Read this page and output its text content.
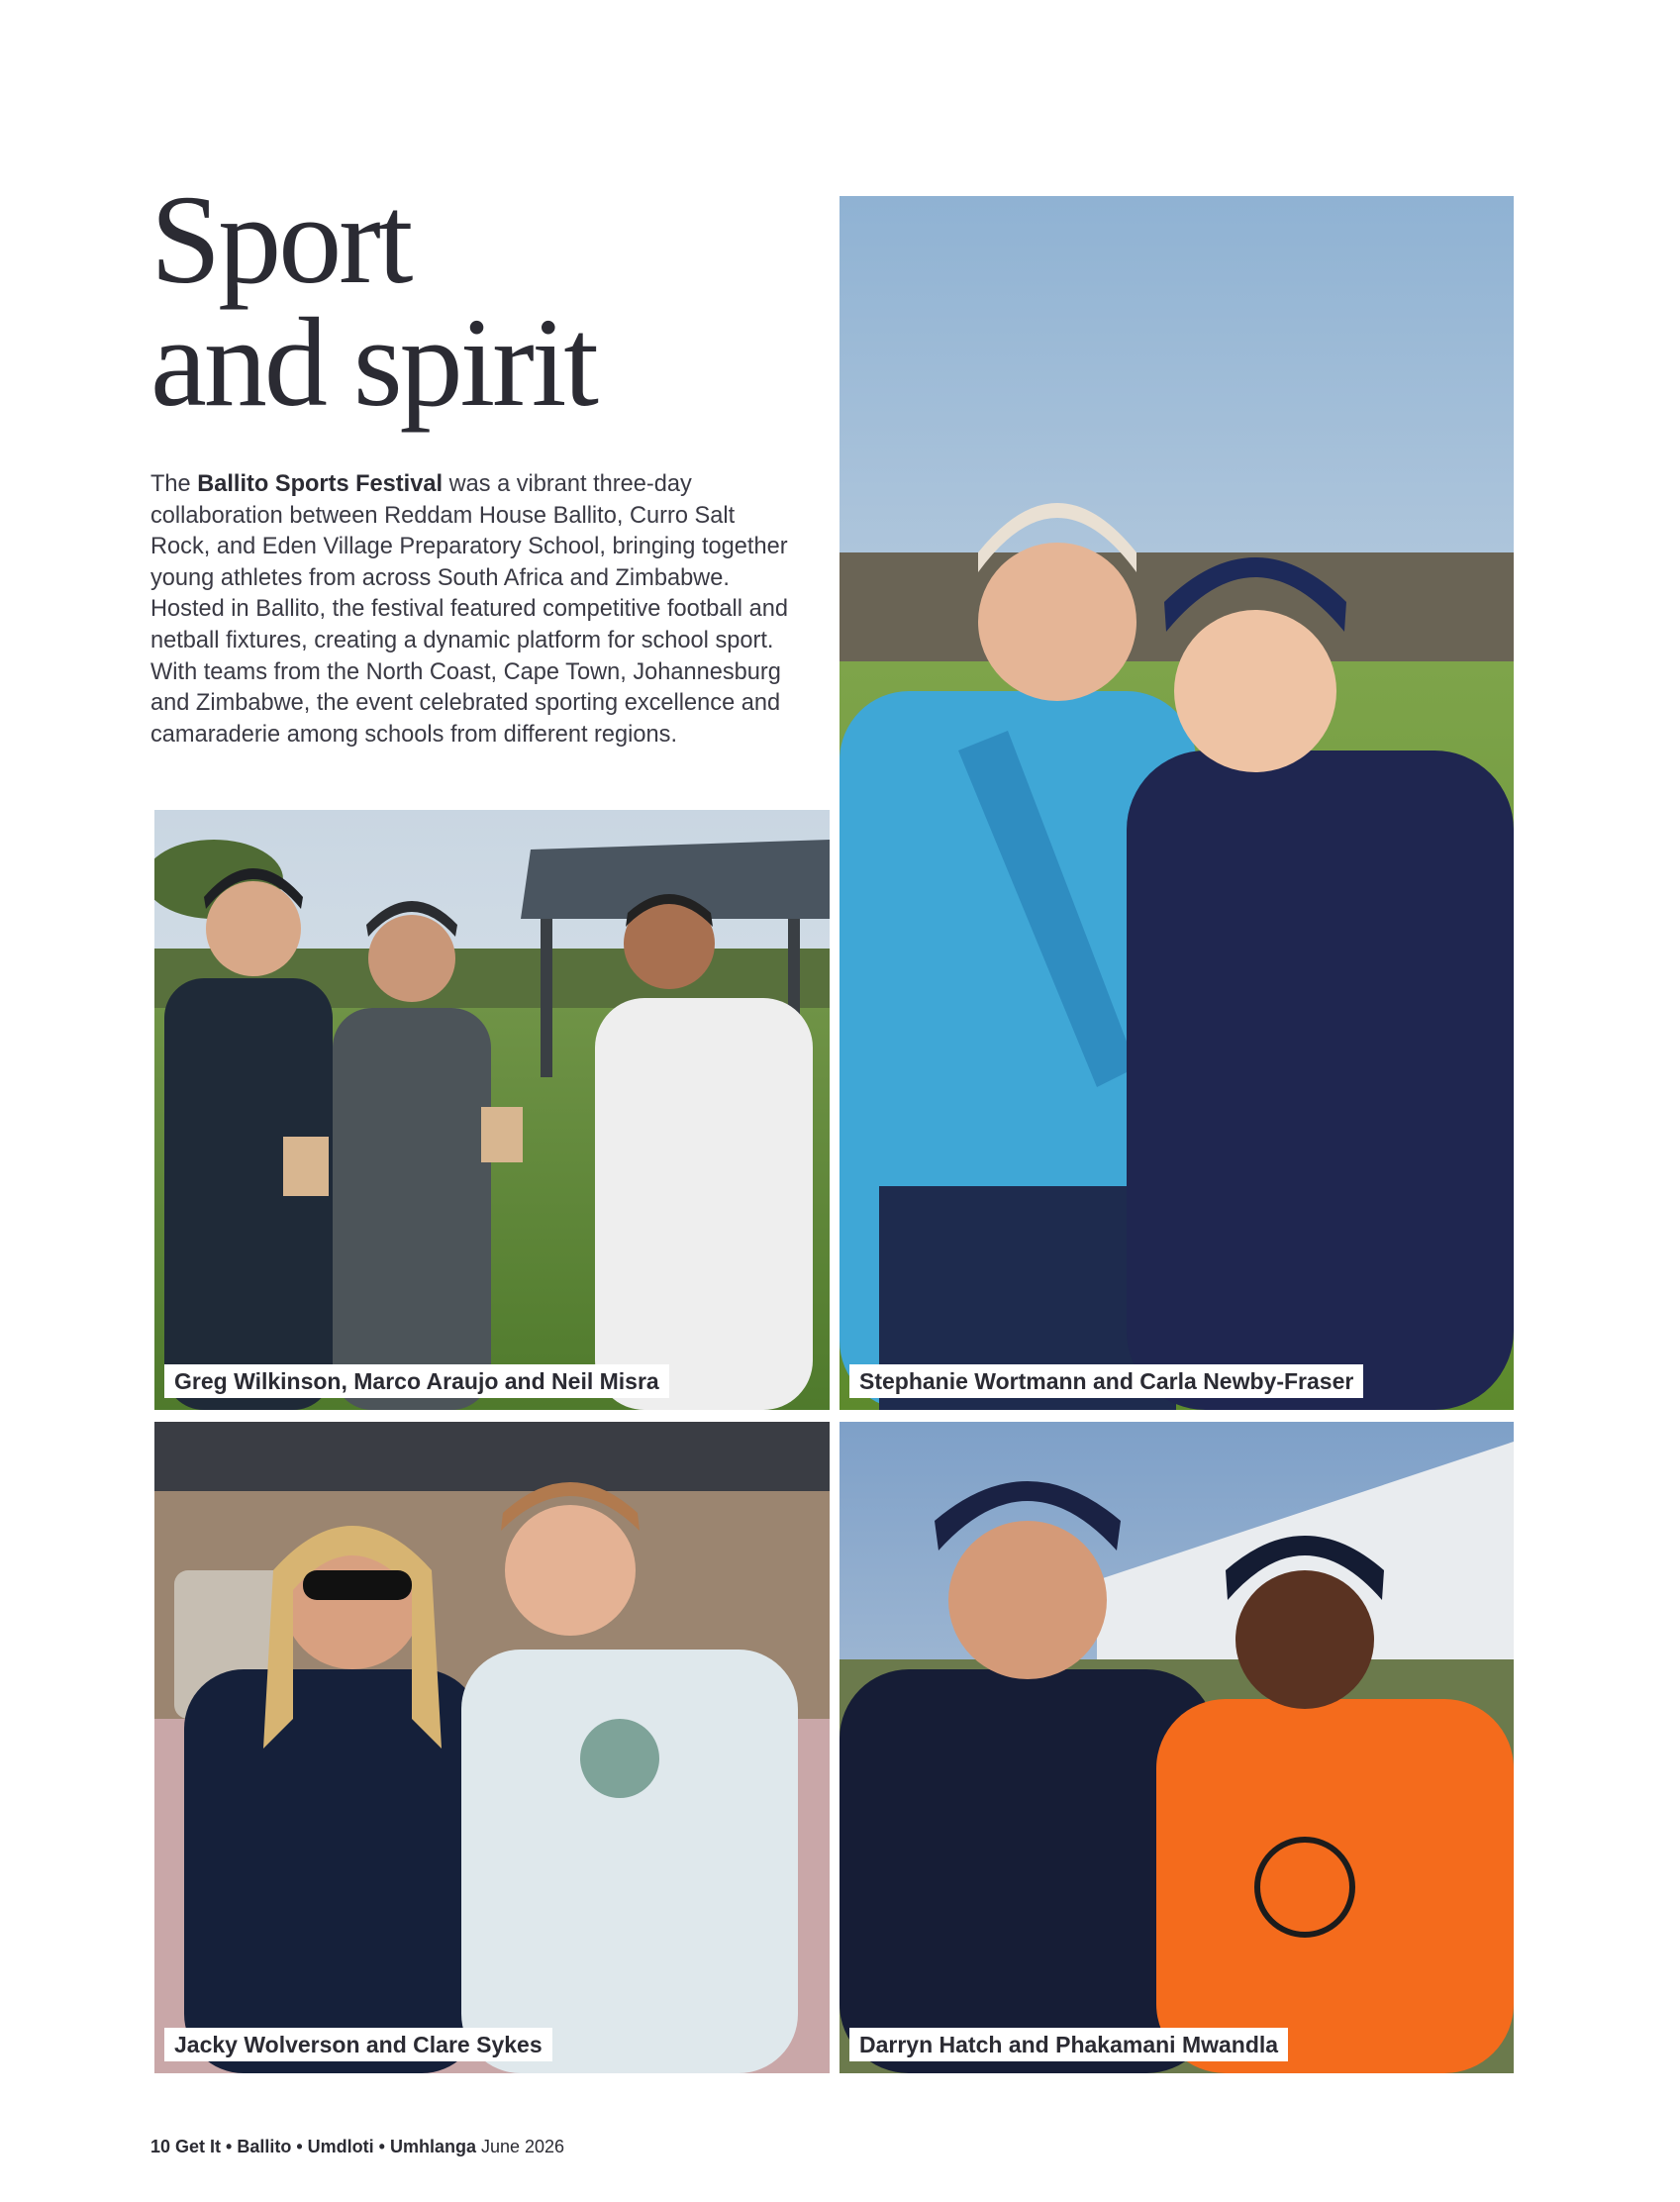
Sport
and spirit

The Ballito Sports Festival was a vibrant three-day collaboration between Reddam House Ballito, Curro Salt Rock, and Eden Village Preparatory School, bringing together young athletes from across South Africa and Zimbabwe. Hosted in Ballito, the festival featured competitive football and netball fixtures, creating a dynamic platform for school sport. With teams from the North Coast, Cape Town, Johannesburg and Zimbabwe, the event celebrated sporting excellence and camaraderie among schools from different regions.

Greg Wilkinson, Marco Araujo and Neil Misra	Stephanie Wortmann and Carla Newby-Fraser
Jacky Wolverson and Clare Sykes	Darryn Hatch and Phakamani Mwandla
10 Get It • Ballito • Umdloti • Umhlanga June 2026
